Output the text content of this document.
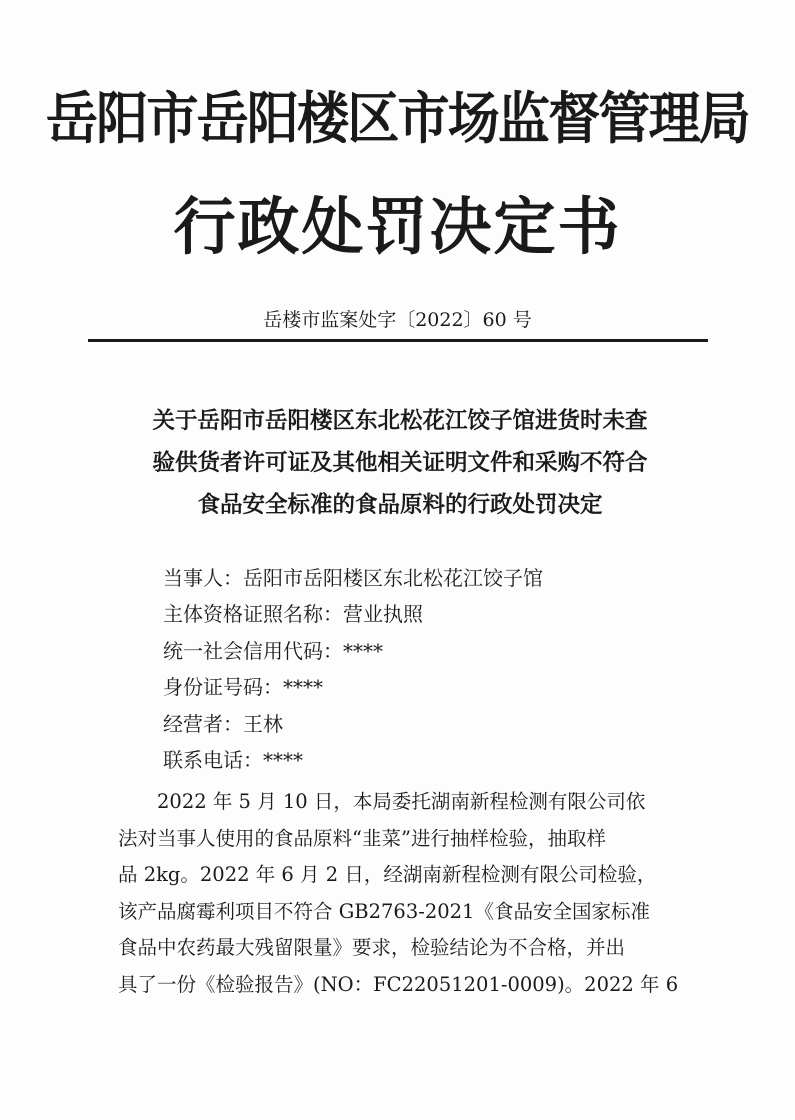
岳阳市岳阳楼区市场监督管理局
行政处罚决定书
岳楼市监案处字〔2022〕60 号
关于岳阳市岳阳楼区东北松花江饺子馆进货时未查
验供货者许可证及其他相关证明文件和采购不符合
食品安全标准的食品原料的行政处罚决定
当事人：岳阳市岳阳楼区东北松花江饺子馆
主体资格证照名称：营业执照
统一社会信用代码：****
身份证号码：****
经营者：王林
联系电话：****
　　2022 年 5 月 10 日，本局委托湖南新程检测有限公司依
法对当事人使用的食品原料“韭菜”进行抽样检验，抽取样
品 2kg。2022 年 6 月 2 日，经湖南新程检测有限公司检验，
该产品腐霉利项目不符合 GB2763-2021《食品安全国家标准
食品中农药最大残留限量》要求，检验结论为不合格，并出
具了一份《检验报告》(NO：FC22051201-0009)。2022 年 6
